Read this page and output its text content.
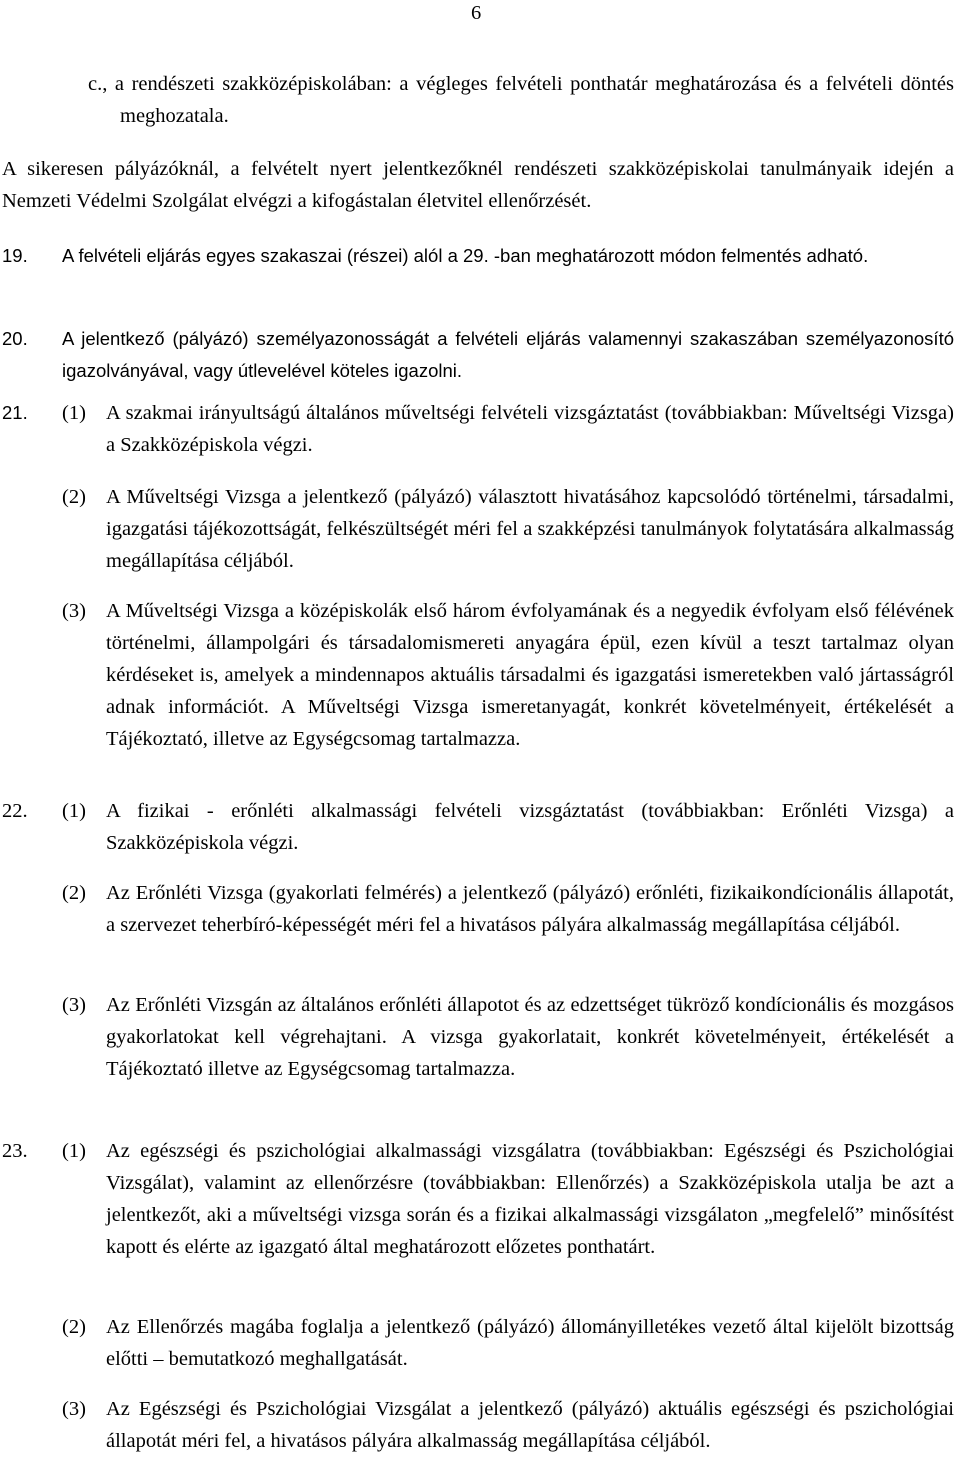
6
c., a rendészeti szakközépiskolában: a végleges felvételi ponthatár meghatározása és a felvételi döntés meghozatala.
A sikeresen pályázóknál, a felvételt nyert jelentkezőknél rendészeti szakközépiskolai tanulmányaik idején a Nemzeti Védelmi Szolgálat elvégzi a kifogástalan életvitel ellenőrzését.
19. A felvételi eljárás egyes szakaszai (részei) alól a 29. -ban meghatározott módon felmentés adható.
20. A jelentkező (pályázó) személyazonosságát a felvételi eljárás valamennyi szakaszában személyazonosító igazolványával, vagy útlevelével köteles igazolni.
21. (1) A szakmai irányultságú általános műveltségi felvételi vizsgáztatást (továbbiakban: Műveltségi Vizsga) a Szakközépiskola végzi.
(2) A Műveltségi Vizsga a jelentkező (pályázó) választott hivatásához kapcsolódó történelmi, társadalmi, igazgatási tájékozottságát, felkészültségét méri fel a szakképzési tanulmányok folytatására alkalmasság megállapítása céljából.
(3) A Műveltségi Vizsga a középiskolák első három évfolyamának és a negyedik évfolyam első félévének történelmi, állampolgári és társadalomismereti anyagára épül, ezen kívül a teszt tartalmaz olyan kérdéseket is, amelyek a mindennapos aktuális társadalmi és igazgatási ismeretekben való jártasságról adnak információt. A Műveltségi Vizsga ismeretanyagát, konkrét követelményeit, értékelését a Tájékoztató, illetve az Egységcsomag tartalmazza.
22. (1) A fizikai - erőnléti alkalmassági felvételi vizsgáztatást (továbbiakban: Erőnléti Vizsga) a Szakközépiskola végzi.
(2) Az Erőnléti Vizsga (gyakorlati felmérés) a jelentkező (pályázó) erőnléti, fizikaikondícionális állapotát, a szervezet teherbíró-képességét méri fel a hivatásos pályára alkalmasság megállapítása céljából.
(3) Az Erőnléti Vizsgán az általános erőnléti állapotot és az edzettséget tükröző kondícionális és mozgásos gyakorlatokat kell végrehajtani. A vizsga gyakorlatait, konkrét követelményeit, értékelését a Tájékoztató illetve az Egységcsomag tartalmazza.
23. (1) Az egészségi és pszichológiai alkalmassági vizsgálatra (továbbiakban: Egészségi és Pszichológiai Vizsgálat), valamint az ellenőrzésre (továbbiakban: Ellenőrzés) a Szakközépiskola utalja be azt a jelentkezőt, aki a műveltségi vizsga során és a fizikai alkalmassági vizsgálaton „megfelelő” minősítést kapott és elérte az igazgató által meghatározott előzetes ponthatárt.
(2) Az Ellenőrzés magába foglalja a jelentkező (pályázó) állományilletékes vezető által kijelölt bizottság előtti – bemutatkozó meghallgatását.
(3) Az Egészségi és Pszichológiai Vizsgálat a jelentkező (pályázó) aktuális egészségi és pszichológiai állapotát méri fel, a hivatásos pályára alkalmasság megállapítása céljából.
